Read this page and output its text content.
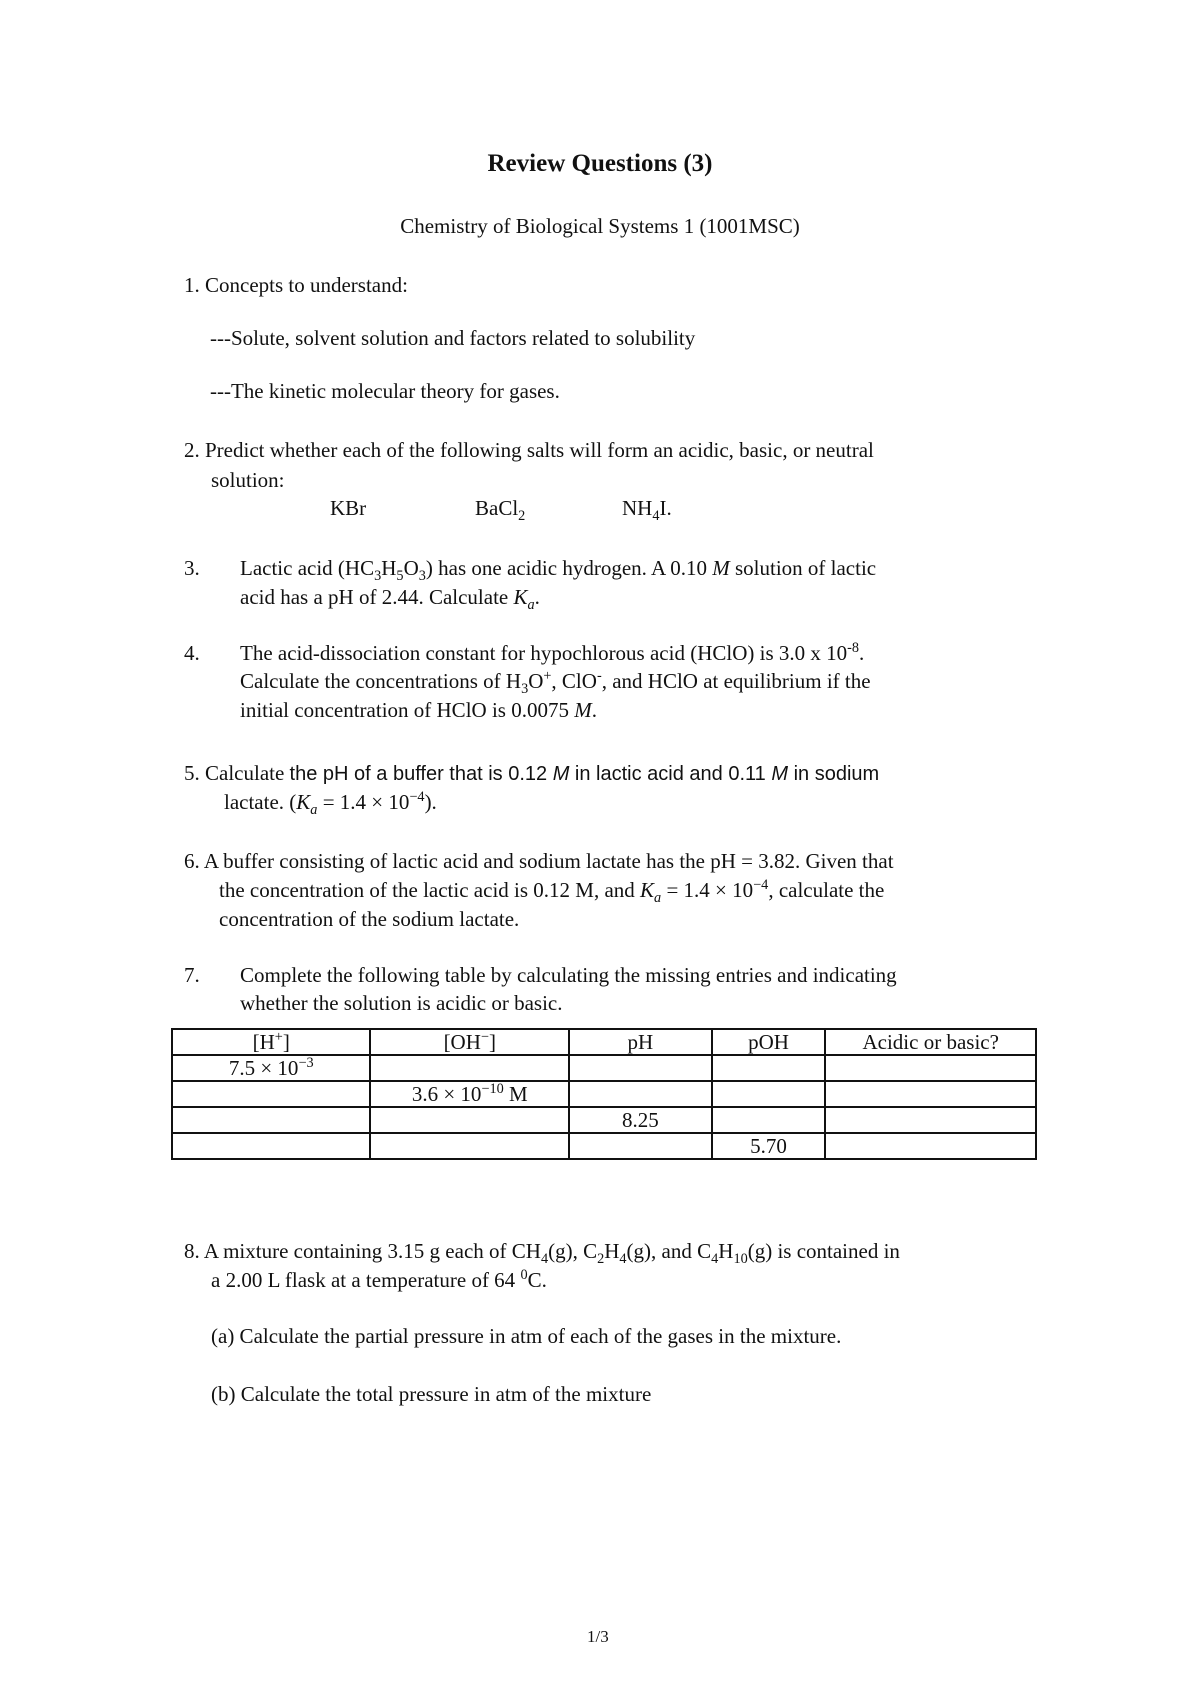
Review Questions (3)
Chemistry of Biological Systems 1 (1001MSC)
1. Concepts to understand:
---Solute, solvent solution and factors related to solubility
---The kinetic molecular theory for gases.
2. Predict whether each of the following salts will form an acidic, basic, or neutral
solution:
KBr	BaCl$_2$	$NH_4I$.
3. Lactic acid $(HC_3H_5O_3)$ has one acidic hydrogen. A 0.10 M solution of lactic
acid has a pH of 2.44. Calculate $K_a$.
4. The acid-dissociation constant for hypochlorous acid (HClO) is 3.0 x $10^{-8}$.
Calculate the concentrations of $H_3O^+$, ClO-, and HClO at equilibrium if the
initial concentration of HClO is 0.0075 M.
5. Calculate the pH of a buffer that is 0.12 M in lactic acid and 0.11 M in sodium
lactate. $(K_a = 1.4 \times 10^{-4})$.
6. A buffer consisting of lactic acid and sodium lactate has the pH = 3.82. Given that
the concentration of the lactic acid is 0.12 M, and $K_a = 1.4 \times 10^{-4}$, calculate the
concentration of the sodium lactate.
7. Complete the following table by calculating the missing entries and indicating
whether the solution is acidic or basic.
[H+]	[OH−]	pH	pOH	Acidic or basic?
$7.5 \times 10^{-3}$				
	$3.6 \times 10^{-10}$ M			
		8.25		
			5.70	
8. A mixture containing 3.15 g each of $CH_4(g)$, $C_2H_4(g)$, and $C_4H_{10}(g)$ is contained in
a 2.00 L flask at a temperature of 64 $^0$C.
(a) Calculate the partial pressure in atm of each of the gases in the mixture.
(b) Calculate the total pressure in atm of the mixture
1/3
